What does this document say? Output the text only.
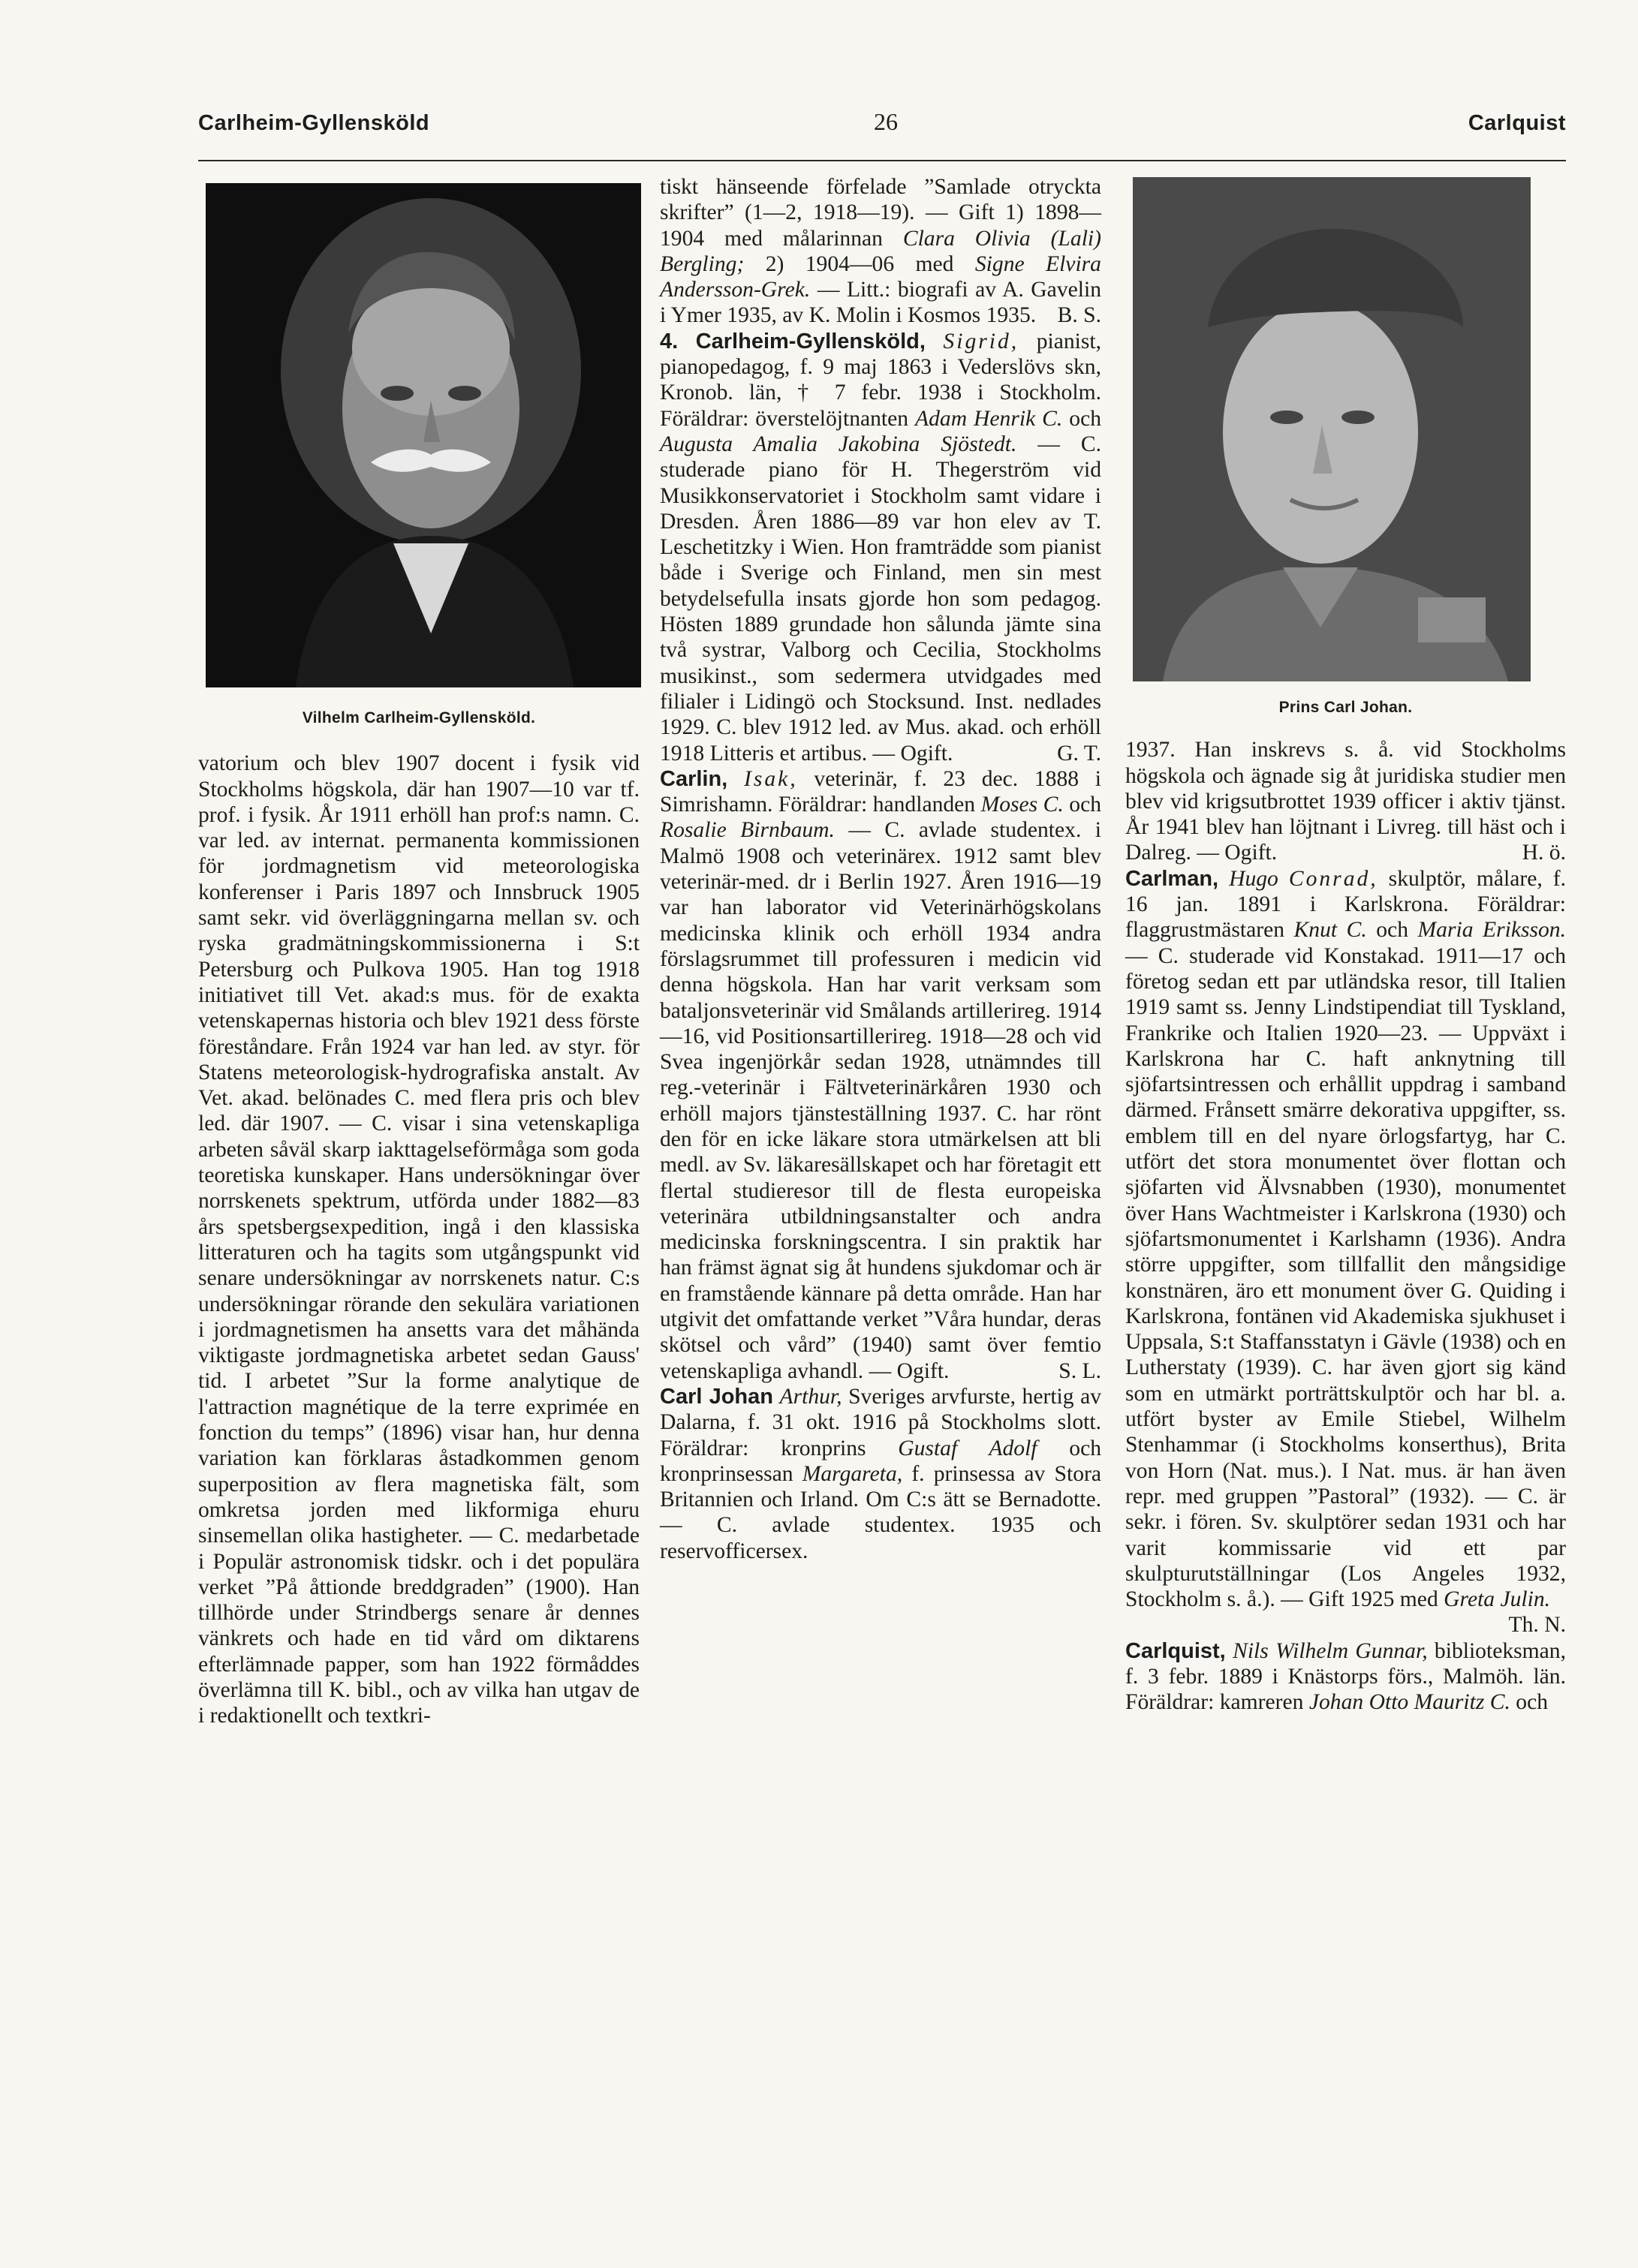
Carlheim-Gyllensköld	26	Carlquist
Vilhelm Carlheim-Gyllensköld.

vatorium och blev 1907 docent i fysik vid Stockholms högskola, där han 1907—10 var tf. prof. i fysik. År 1911 erhöll han prof:s namn. C. var led. av internat. permanenta kommissionen för jordmagnetism vid meteorologiska konferenser i Paris 1897 och Innsbruck 1905 samt sekr. vid överläggningarna mellan sv. och ryska gradmätningskommissionerna i S:t Petersburg och Pulkova 1905. Han tog 1918 initiativet till Vet. akad:s mus. för de exakta vetenskapernas historia och blev 1921 dess förste föreståndare. Från 1924 var han led. av styr. för Statens meteorologisk-hydrografiska anstalt. Av Vet. akad. belönades C. med flera pris och blev led. där 1907. — C. visar i sina vetenskapliga arbeten såväl skarp iakttagelseförmåga som goda teoretiska kunskaper. Hans undersökningar över norrskenets spektrum, utförda under 1882—83 års spetsbergsexpedition, ingå i den klassiska litteraturen och ha tagits som utgångspunkt vid senare undersökningar av norrskenets natur. C:s undersökningar rörande den sekulära variationen i jordmagnetismen ha ansetts vara det måhända viktigaste jordmagnetiska arbetet sedan Gauss' tid. I arbetet ”Sur la forme analytique de l'attraction magnétique de la terre exprimée en fonction du temps” (1896) visar han, hur denna variation kan förklaras åstadkommen genom superposition av flera magnetiska fält, som omkretsa jorden med likformiga ehuru sinsemellan olika hastigheter. — C. medarbetade i Populär astronomisk tidskr. och i det populära verket ”På åttionde breddgraden” (1900). Han tillhörde under Strindbergs senare år dennes vänkrets och hade en tid vård om diktarens efterlämnade papper, som han 1922 förmåddes överlämna till K. bibl., och av vilka han utgav de i redaktionellt och textkri-

tiskt hänseende förfelade ”Samlade otryckta skrifter” (1—2, 1918—19). — Gift 1) 1898—1904 med målarinnan Clara Olivia (Lali) Bergling; 2) 1904—06 med Signe Elvira Andersson-Grek. — Litt.: biografi av A. Gavelin i Ymer 1935, av K. Molin i Kosmos 1935. B. S.

4. Carlheim-Gyllensköld, Sigrid, pianist, pianopedagog, f. 9 maj 1863 i Vederslövs skn, Kronob. län, † 7 febr. 1938 i Stockholm. Föräldrar: överstelöjtnanten Adam Henrik C. och Augusta Amalia Jakobina Sjöstedt. — C. studerade piano för H. Thegerström vid Musikkonservatoriet i Stockholm samt vidare i Dresden. Åren 1886—89 var hon elev av T. Leschetitzky i Wien. Hon framträdde som pianist både i Sverige och Finland, men sin mest betydelsefulla insats gjorde hon som pedagog. Hösten 1889 grundade hon sålunda jämte sina två systrar, Valborg och Cecilia, Stockholms musikinst., som sedermera utvidgades med filialer i Lidingö och Stocksund. Inst. nedlades 1929. C. blev 1912 led. av Mus. akad. och erhöll 1918 Litteris et artibus. — Ogift.	G. T.

Carlin, Isak, veterinär, f. 23 dec. 1888 i Simrishamn. Föräldrar: handlanden Moses C. och Rosalie Birnbaum. — C. avlade studentex. i Malmö 1908 och veterinärex. 1912 samt blev veterinär-med. dr i Berlin 1927. Åren 1916—19 var han laborator vid Veterinärhögskolans medicinska klinik och erhöll 1934 andra förslagsrummet till professuren i medicin vid denna högskola. Han har varit verksam som bataljonsveterinär vid Smålands artillerireg. 1914—16, vid Positionsartillerireg. 1918—28 och vid Svea ingenjörkår sedan 1928, utnämndes till reg.-veterinär i Fältveterinärkåren 1930 och erhöll majors tjänsteställning 1937. C. har rönt den för en icke läkare stora utmärkelsen att bli medl. av Sv. läkaresällskapet och har företagit ett flertal studieresor till de flesta europeiska veterinära utbildningsanstalter och andra medicinska forskningscentra. I sin praktik har han främst ägnat sig åt hundens sjukdomar och är en framstående kännare på detta område. Han har utgivit det omfattande verket ”Våra hundar, deras skötsel och vård” (1940) samt över femtio vetenskapliga avhandl. — Ogift.	S. L.

Carl Johan Arthur, Sveriges arvfurste, hertig av Dalarna, f. 31 okt. 1916 på Stockholms slott. Föräldrar: kronprins Gustaf Adolf och kronprinsessan Margareta, f. prinsessa av Stora Britannien och Irland. Om C:s ätt se Bernadotte. — C. avlade studentex. 1935 och reservofficersex.

Prins Carl Johan.

1937. Han inskrevs s. å. vid Stockholms högskola och ägnade sig åt juridiska studier men blev vid krigsutbrottet 1939 officer i aktiv tjänst. År 1941 blev han löjtnant i Livreg. till häst och i Dalreg. — Ogift.	H. ö.

Carlman, Hugo Conrad, skulptör, målare, f. 16 jan. 1891 i Karlskrona. Föräldrar: flaggrustmästaren Knut C. och Maria Eriksson. — C. studerade vid Konstakad. 1911—17 och företog sedan ett par utländska resor, till Italien 1919 samt ss. Jenny Lindstipendiat till Tyskland, Frankrike och Italien 1920—23. — Uppväxt i Karlskrona har C. haft anknytning till sjöfartsintressen och erhållit uppdrag i samband därmed. Frånsett smärre dekorativa uppgifter, ss. emblem till en del nyare örlogsfartyg, har C. utfört det stora monumentet över flottan och sjöfarten vid Älvsnabben (1930), monumentet över Hans Wachtmeister i Karlskrona (1930) och sjöfartsmonumentet i Karlshamn (1936). Andra större uppgifter, som tillfallit den mångsidige konstnären, äro ett monument över G. Quiding i Karlskrona, fontänen vid Akademiska sjukhuset i Uppsala, S:t Staffansstatyn i Gävle (1938) och en Lutherstaty (1939). C. har även gjort sig känd som en utmärkt porträttskulptör och har bl. a. utfört byster av Emile Stiebel, Wilhelm Stenhammar (i Stockholms konserthus), Brita von Horn (Nat. mus.). I Nat. mus. är han även repr. med gruppen ”Pastoral” (1932). — C. är sekr. i fören. Sv. skulptörer sedan 1931 och har varit kommissarie vid ett par skulpturutställningar (Los Angeles 1932, Stockholm s. å.). — Gift 1925 med Greta Julin.
Th. N.

Carlquist, Nils Wilhelm Gunnar, biblioteksman, f. 3 febr. 1889 i Knästorps förs., Malmöh. län. Föräldrar: kamreren Johan Otto Mauritz C. och
